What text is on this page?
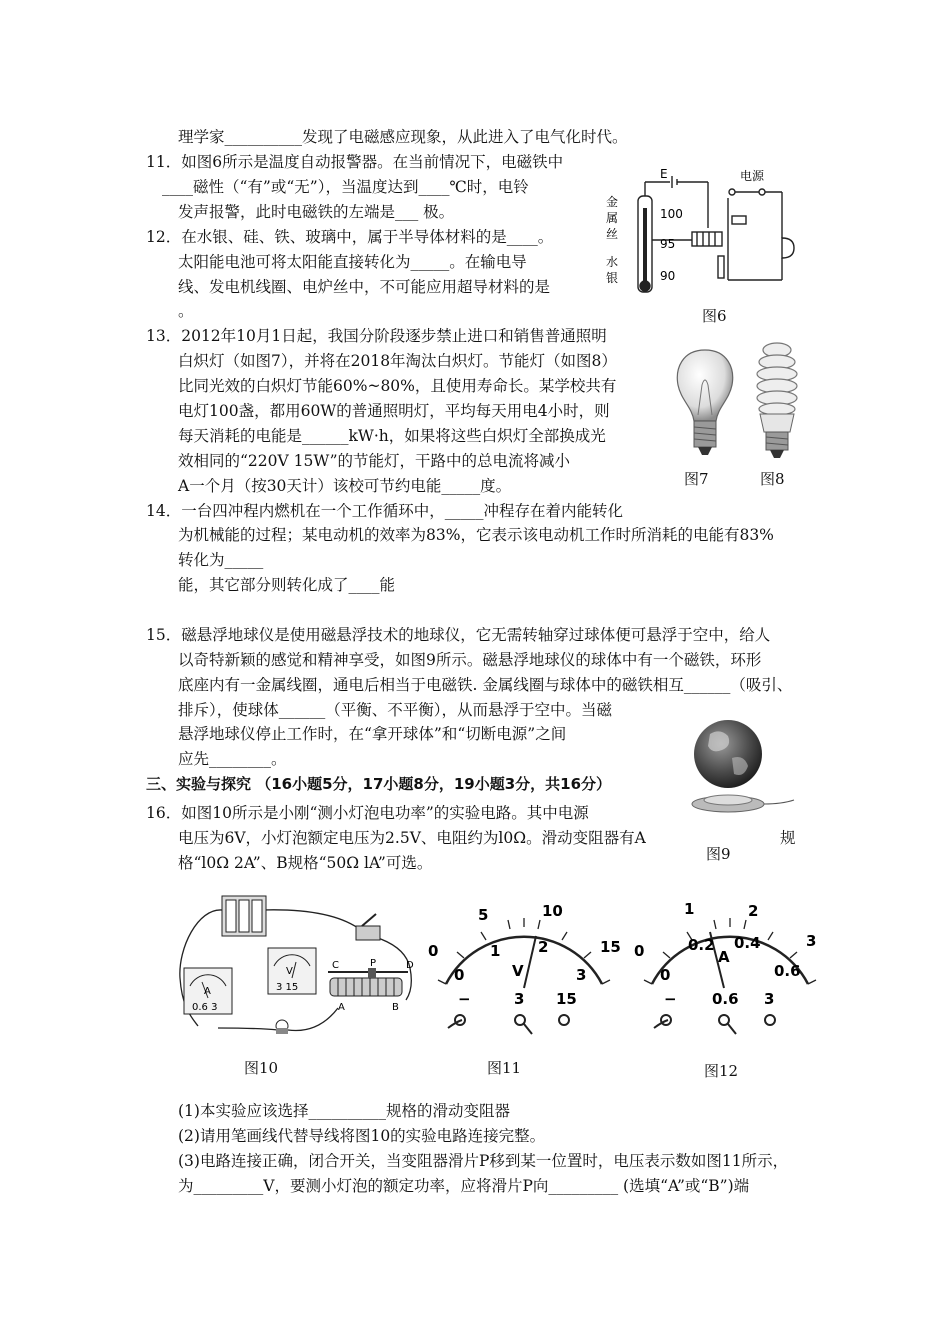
理学家__________发现了电磁感应现象，从此进入了电气化时代。
11．如图6所示是温度自动报警器。在当前情况下，电磁铁中
____磁性（“有”或“无”），当温度达到____℃时，电铃
发声报警，此时电磁铁的左端是___ 极。
12．在水银、硅、铁、玻璃中，属于半导体材料的是____。
太阳能电池可将太阳能直接转化为_____。在输电导
线、发电机线圈、电炉丝中，不可能应用超导材料的是
。
13．2012年10月1日起，我国分阶段逐步禁止进口和销售普通照明
白炽灯（如图7），并将在2018年淘汰白炽灯。节能灯（如图8）
比同光效的白炽灯节能60%~80%，且使用寿命长。某学校共有
电灯100盏，都用60W的普通照明灯，平均每天用电4小时，则
每天消耗的电能是______kW·h，如果将这些白炽灯全部换成光
效相同的“220V 15W”的节能灯，干路中的总电流将减小
A一个月（按30天计）该校可节约电能_____度。
14．一台四冲程内燃机在一个工作循环中，_____冲程存在着内能转化
为机械能的过程；某电动机的效率为83%，它表示该电动机工作时所消耗的电能有83%
转化为_____
能，其它部分则转化成了____能
15．磁悬浮地球仪是使用磁悬浮技术的地球仪，它无需转轴穿过球体便可悬浮于空中，给人
以奇特新颖的感觉和精神享受，如图9所示。磁悬浮地球仪的球体中有一个磁铁，环形
底座内有一金属线圈，通电后相当于电磁铁. 金属线圈与球体中的磁铁相互______（吸引、
排斥），使球体______（平衡、不平衡），从而悬浮于空中。当磁
悬浮地球仪停止工作时，在“拿开球体”和“切断电源”之间
应先________。
三、实验与探究 （16小题5分，17小题8分，19小题3分，共16分）
16．如图10所示是小刚“测小灯泡电功率”的实验电路。其中电源
电压为6V，小灯泡额定电压为2.5V、电阻约为l0Ω。滑动变阻器有A	规
格“l0Ω 2A”、B规格“50Ω lA”可选。
(1)本实验应该选择__________规格的滑动变阻器
(2)请用笔画线代替导线将图10的实验电路连接完整。
(3)电路连接正确，闭合开关，当变阻器滑片P移到某一位置时，电压表示数如图11所示，
为_________V，要测小灯泡的额定功率，应将滑片P向_________ (选填“A”或“B”)端
金
属
丝
水
银
E	电源
100
95
90
图6
图7	图8
图9
A
0.6 3
V
3 15
C	P	D
A	B
图10
0
5	10
15
0
1	2
3
V
−	3 15
图11
0
1	2
3
0
0.2 0.4
0.6
A
− 0.6 3
图12
